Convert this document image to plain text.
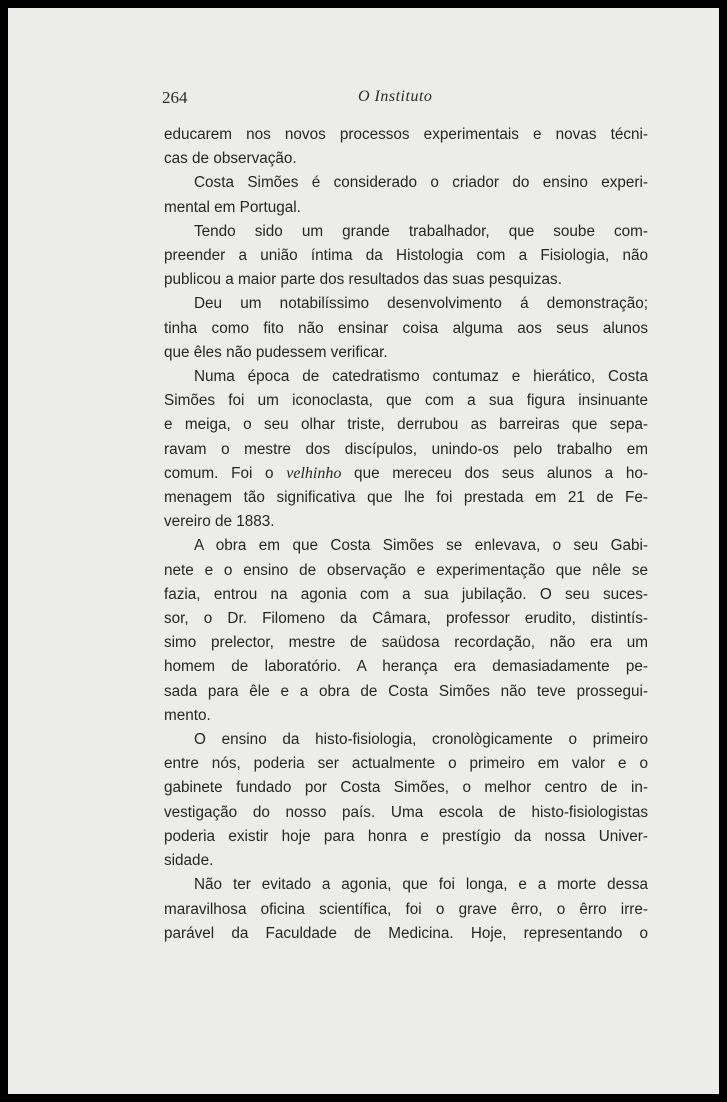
264	O Instituto
educarem nos novos processos experimentais e novas técni-
cas de observação.
Costa Simões é considerado o criador do ensino experi-
mental em Portugal.
Tendo sido um grande trabalhador, que soube com-
preender a união íntima da Histologia com a Fisiologia, não
publicou a maior parte dos resultados das suas pesquizas.
Deu um notabilíssimo desenvolvimento á demonstração;
tinha como fito não ensinar coisa alguma aos seus alunos
que êles não pudessem verificar.
Numa época de catedratismo contumaz e hierático, Costa
Simões foi um iconoclasta, que com a sua figura insinuante
e meiga, o seu olhar triste, derrubou as barreiras que sepa-
ravam o mestre dos discípulos, unindo-os pelo trabalho em
comum. Foi o velhinho que mereceu dos seus alunos a ho-
menagem tão significativa que lhe foi prestada em 21 de Fe-
vereiro de 1883.
A obra em que Costa Simões se enlevava, o seu Gabi-
nete e o ensino de observação e experimentação que nêle se
fazia, entrou na agonia com a sua jubilação. O seu suces-
sor, o Dr. Filomeno da Câmara, professor erudito, distintís-
simo prelector, mestre de saüdosa recordação, não era um
homem de laboratório. A herança era demasiadamente pe-
sada para êle e a obra de Costa Simões não teve prossegui-
mento.
O ensino da histo-fisiologia, cronològicamente o primeiro
entre nós, poderia ser actualmente o primeiro em valor e o
gabinete fundado por Costa Simões, o melhor centro de in-
vestigação do nosso país. Uma escola de histo-fisiologistas
poderia existir hoje para honra e prestígio da nossa Univer-
sidade.
Não ter evitado a agonia, que foi longa, e a morte dessa
maravilhosa oficina scientífica, foi o grave êrro, o êrro irre-
parável da Faculdade de Medicina. Hoje, representando o
